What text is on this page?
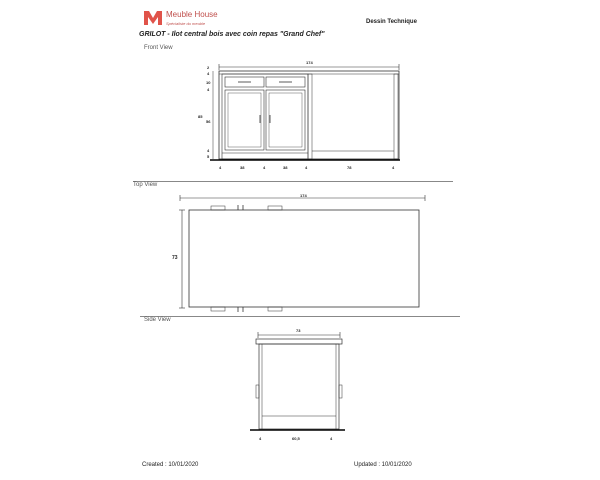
Meuble House
Spécialiste du meuble	Dessin Technique
GRILOT - Ilot central bois avec coin repas "Grand Chef"
Front View
174
2
4
10
4
56
4
5
85
4	38	4	38	4	78	4
Top View
174
73
Side View
73
4	60,5	4
Created : 10/01/2020	Updated : 10/01/2020
